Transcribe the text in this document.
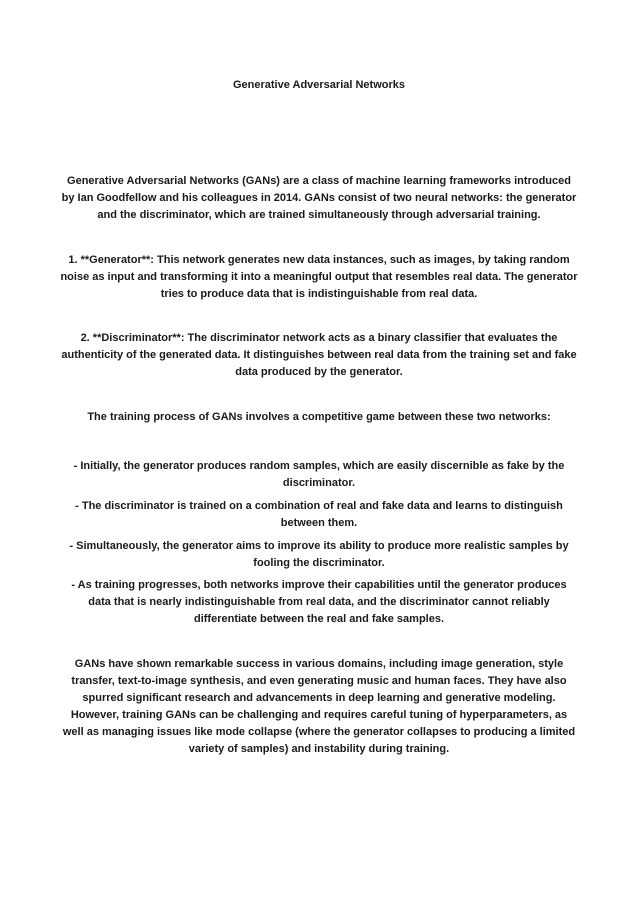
Generative Adversarial Networks

Generative Adversarial Networks (GANs) are a class of machine learning frameworks introduced by Ian Goodfellow and his colleagues in 2014. GANs consist of two neural networks: the generator and the discriminator, which are trained simultaneously through adversarial training.

1. **Generator**: This network generates new data instances, such as images, by taking random noise as input and transforming it into a meaningful output that resembles real data. The generator tries to produce data that is indistinguishable from real data.

2. **Discriminator**: The discriminator network acts as a binary classifier that evaluates the authenticity of the generated data. It distinguishes between real data from the training set and fake data produced by the generator.

The training process of GANs involves a competitive game between these two networks:

- Initially, the generator produces random samples, which are easily discernible as fake by the discriminator.

- The discriminator is trained on a combination of real and fake data and learns to distinguish between them.

- Simultaneously, the generator aims to improve its ability to produce more realistic samples by fooling the discriminator.

- As training progresses, both networks improve their capabilities until the generator produces data that is nearly indistinguishable from real data, and the discriminator cannot reliably differentiate between the real and fake samples.

GANs have shown remarkable success in various domains, including image generation, style transfer, text-to-image synthesis, and even generating music and human faces. They have also spurred significant research and advancements in deep learning and generative modeling. However, training GANs can be challenging and requires careful tuning of hyperparameters, as well as managing issues like mode collapse (where the generator collapses to producing a limited variety of samples) and instability during training.
